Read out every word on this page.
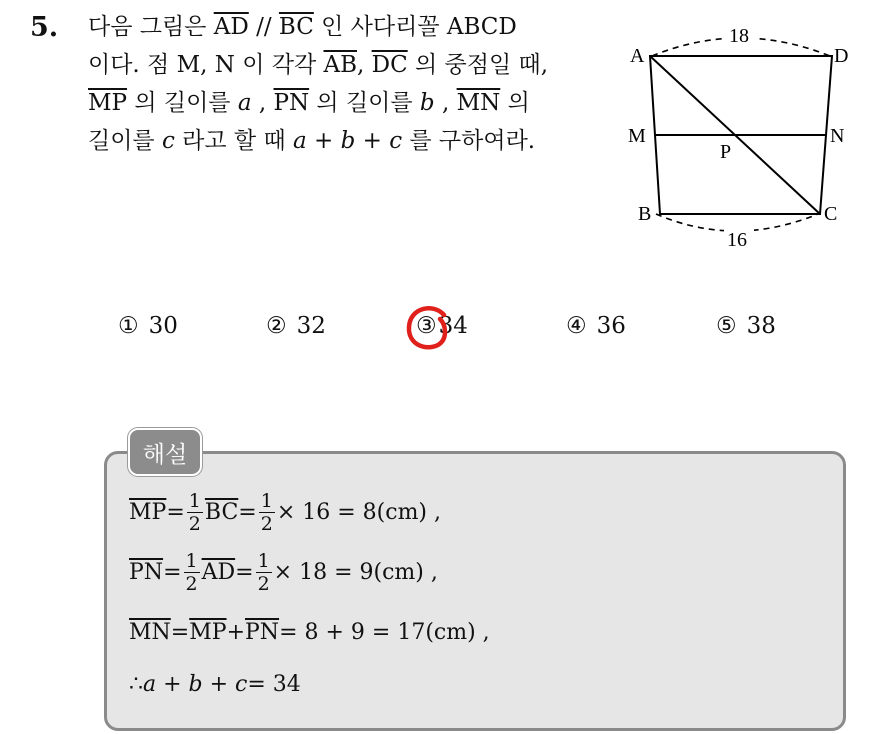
5. 다음 그림은 $\overline{AD} // \overline{BC}$ 인 사다리꼴 ABCD
이다. 점 M, N 이 각각 $\overline{AB}$, $\overline{DC}$ 의 중점일 때,
$\overline{MP}$ 의 길이를 a , $\overline{PN}$ 의 길이를 b , $\overline{MN}$ 의
길이를 c 라고 할 때 a + b + c 를 구하여라.
18
16
A	D
M	N
P
B	C
① 30	② 32	③34	④ 36	⑤ 38
해설
$\overline{MP} = \frac{1}{2} \overline{BC} = \frac{1}{2} \times 16 = 8(cm)$ ,
$\overline{PN} = \frac{1}{2} \overline{AD} = \frac{1}{2} \times 18 = 9(cm)$ ,
$\overline{MN} = \overline{MP} + \overline{PN} = 8 + 9 = 17(cm)$ ,
∴ a + b + c = 34
